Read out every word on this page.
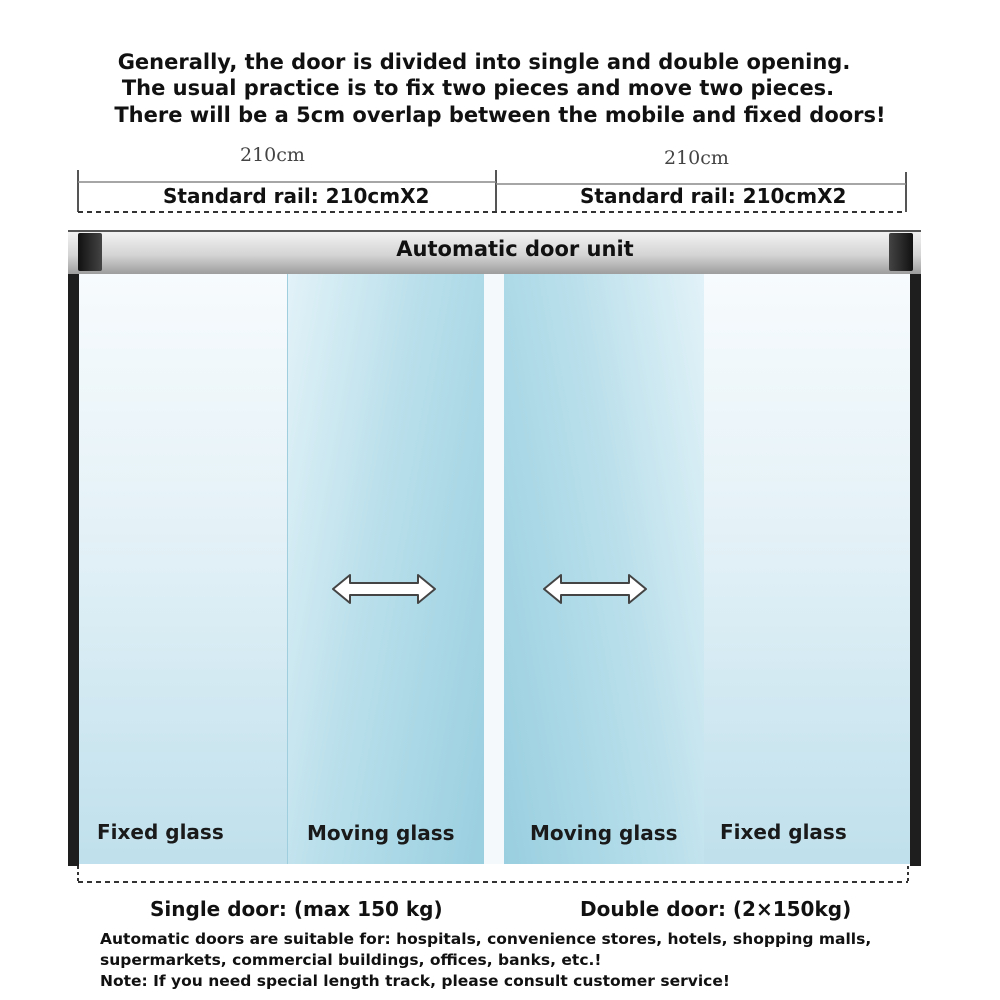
Generally, the door is divided into single and double opening.
The usual practice is to fix two pieces and move two pieces.
There will be a 5cm overlap between the mobile and fixed doors!
210cm	210cm
Standard rail: 210cmX2	Standard rail: 210cmX2
Automatic door unit
Fixed glass	Moving glass	Moving glass Fixed glass
Single door: (max 150 kg)	Double door: (2×150kg)
Automatic doors are suitable for: hospitals, convenience stores, hotels, shopping malls,
supermarkets, commercial buildings, offices, banks, etc.!
Note: If you need special length track, please consult customer service!
